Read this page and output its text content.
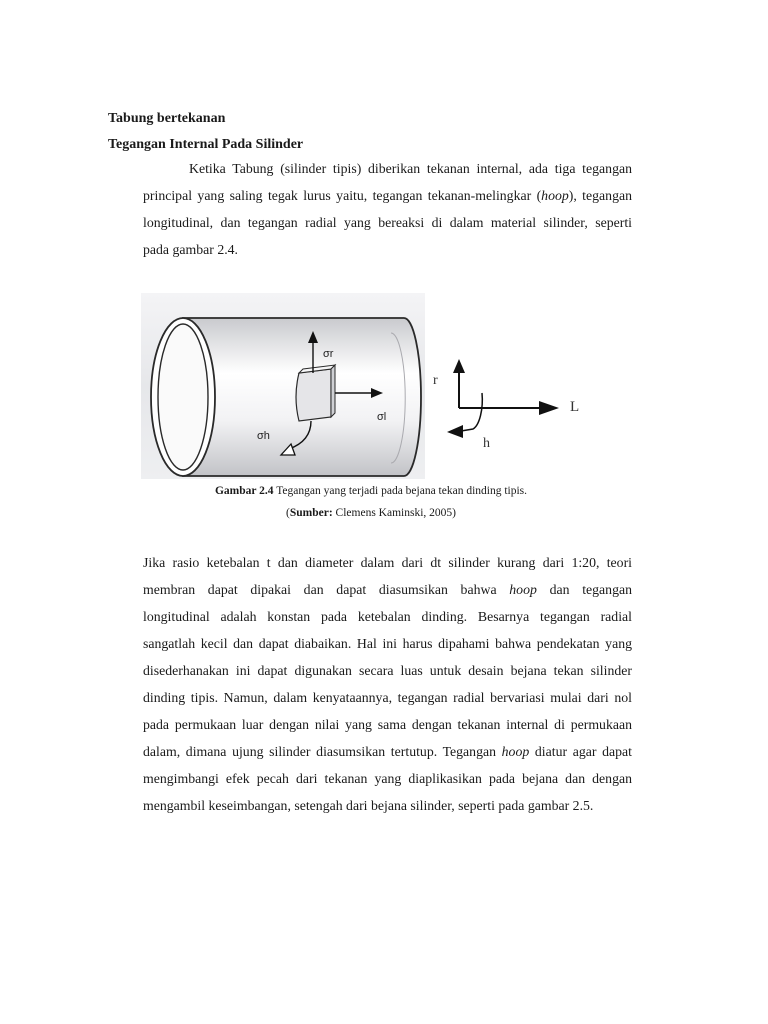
Tabung bertekanan

Tegangan Internal Pada Silinder

Ketika Tabung (silinder tipis) diberikan tekanan internal, ada tiga tegangan
principal yang saling tegak lurus yaitu, tegangan tekanan-melingkar (hoop), tegangan
longitudinal, dan tegangan radial yang bereaksi di dalam material silinder, seperti
pada gambar 2.4.
σr
σl
σh
r
L
h

Gambar 2.4 Tegangan yang terjadi pada bejana tekan dinding tipis.

(Sumber: Clemens Kaminski, 2005)

Jika rasio ketebalan t dan diameter dalam dari dt silinder kurang dari 1:20, teori
membran dapat dipakai dan dapat diasumsikan bahwa hoop dan tegangan
longitudinal adalah konstan pada ketebalan dinding. Besarnya tegangan radial
sangatlah kecil dan dapat diabaikan. Hal ini harus dipahami bahwa pendekatan yang
disederhanakan ini dapat digunakan secara luas untuk desain bejana tekan silinder
dinding tipis. Namun, dalam kenyataannya, tegangan radial bervariasi mulai dari nol
pada permukaan luar dengan nilai yang sama dengan tekanan internal di permukaan
dalam, dimana ujung silinder diasumsikan tertutup. Tegangan hoop diatur agar dapat
mengimbangi efek pecah dari tekanan yang diaplikasikan pada bejana dan dengan
mengambil keseimbangan, setengah dari bejana silinder, seperti pada gambar 2.5.
